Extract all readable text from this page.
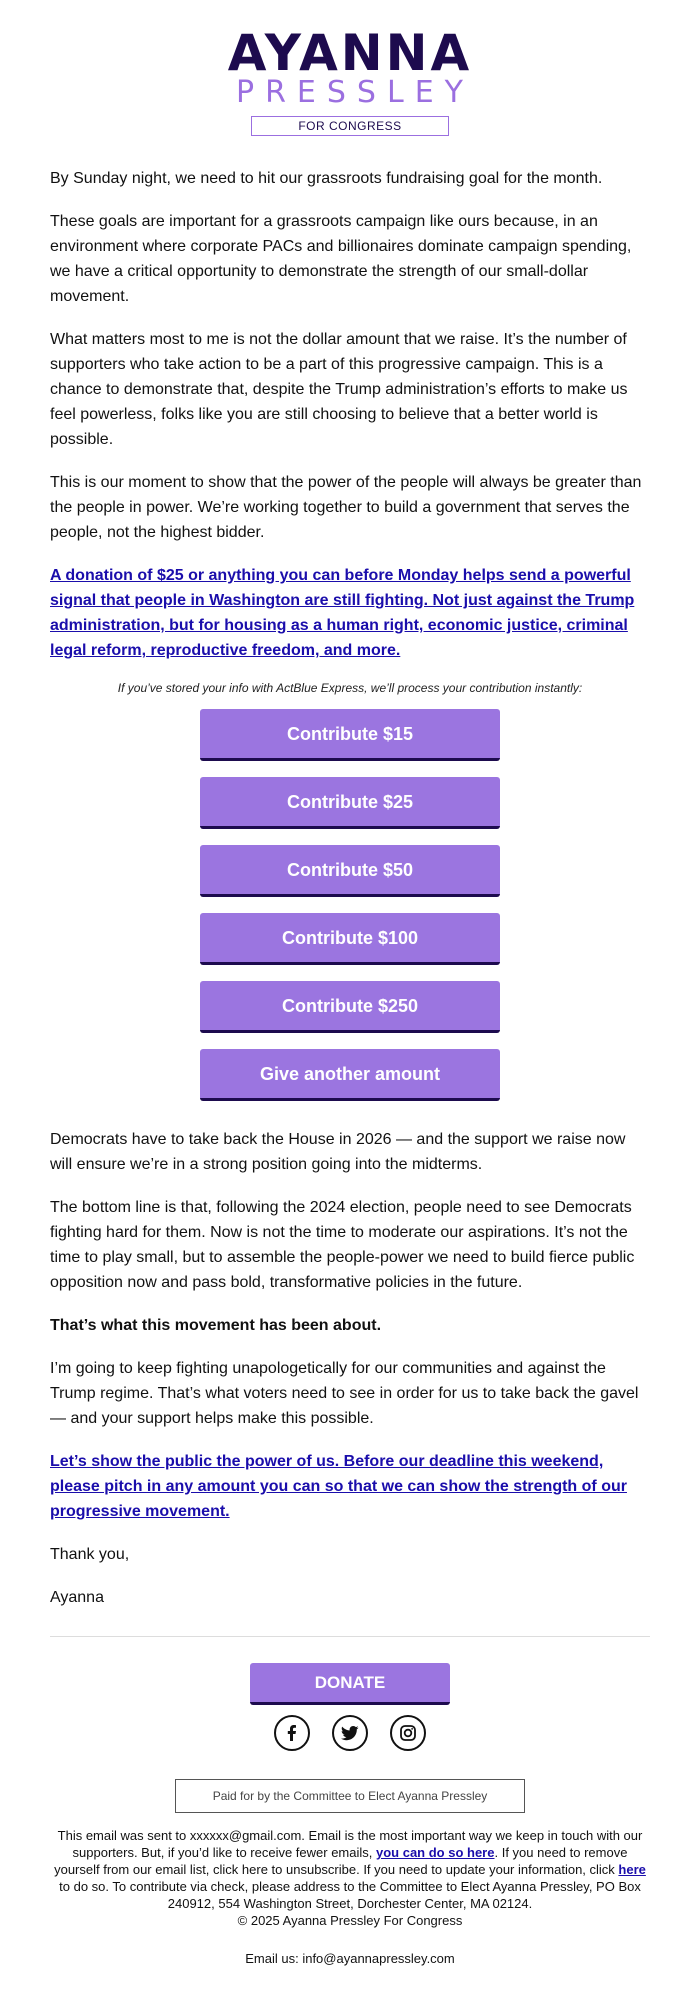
AYANNA
PRESSLEY
FOR CONGRESS

By Sunday night, we need to hit our grassroots fundraising goal for the month.

These goals are important for a grassroots campaign like ours because, in an environment where corporate PACs and billionaires dominate campaign spending, we have a critical opportunity to demonstrate the strength of our small-dollar movement.

What matters most to me is not the dollar amount that we raise. It’s the number of supporters who take action to be a part of this progressive campaign. This is a chance to demonstrate that, despite the Trump administration’s efforts to make us feel powerless, folks like you are still choosing to believe that a better world is possible.

This is our moment to show that the power of the people will always be greater than the people in power. We’re working together to build a government that serves the people, not the highest bidder.

A donation of $25 or anything you can before Monday helps send a powerful signal that people in Washington are still fighting. Not just against the Trump administration, but for housing as a human right, economic justice, criminal legal reform, reproductive freedom, and more.

If you’ve stored your info with ActBlue Express, we’ll process your contribution instantly:

Contribute $15
Contribute $25
Contribute $50
Contribute $100
Contribute $250
Give another amount

Democrats have to take back the House in 2026 — and the support we raise now will ensure we’re in a strong position going into the midterms.

The bottom line is that, following the 2024 election, people need to see Democrats fighting hard for them. Now is not the time to moderate our aspirations. It’s not the time to play small, but to assemble the people-power we need to build fierce public opposition now and pass bold, transformative policies in the future.

That’s what this movement has been about.

I’m going to keep fighting unapologetically for our communities and against the Trump regime. That’s what voters need to see in order for us to take back the gavel — and your support helps make this possible.

Let’s show the public the power of us. Before our deadline this weekend, please pitch in any amount you can so that we can show the strength of our progressive movement.

Thank you,

Ayanna

DONATE

Paid for by the Committee to Elect Ayanna Pressley
This email was sent to xxxxxx@gmail.com. Email is the most important way we keep in touch with our supporters. But, if you’d like to receive fewer emails, you can do so here. If you need to remove yourself from our email list, click here to unsubscribe. If you need to update your information, click here to do so. To contribute via check, please address to the Committee to Elect Ayanna Pressley, PO Box 240912, 554 Washington Street, Dorchester Center, MA 02124.
© 2025 Ayanna Pressley For Congress
Email us: info@ayannapressley.com
